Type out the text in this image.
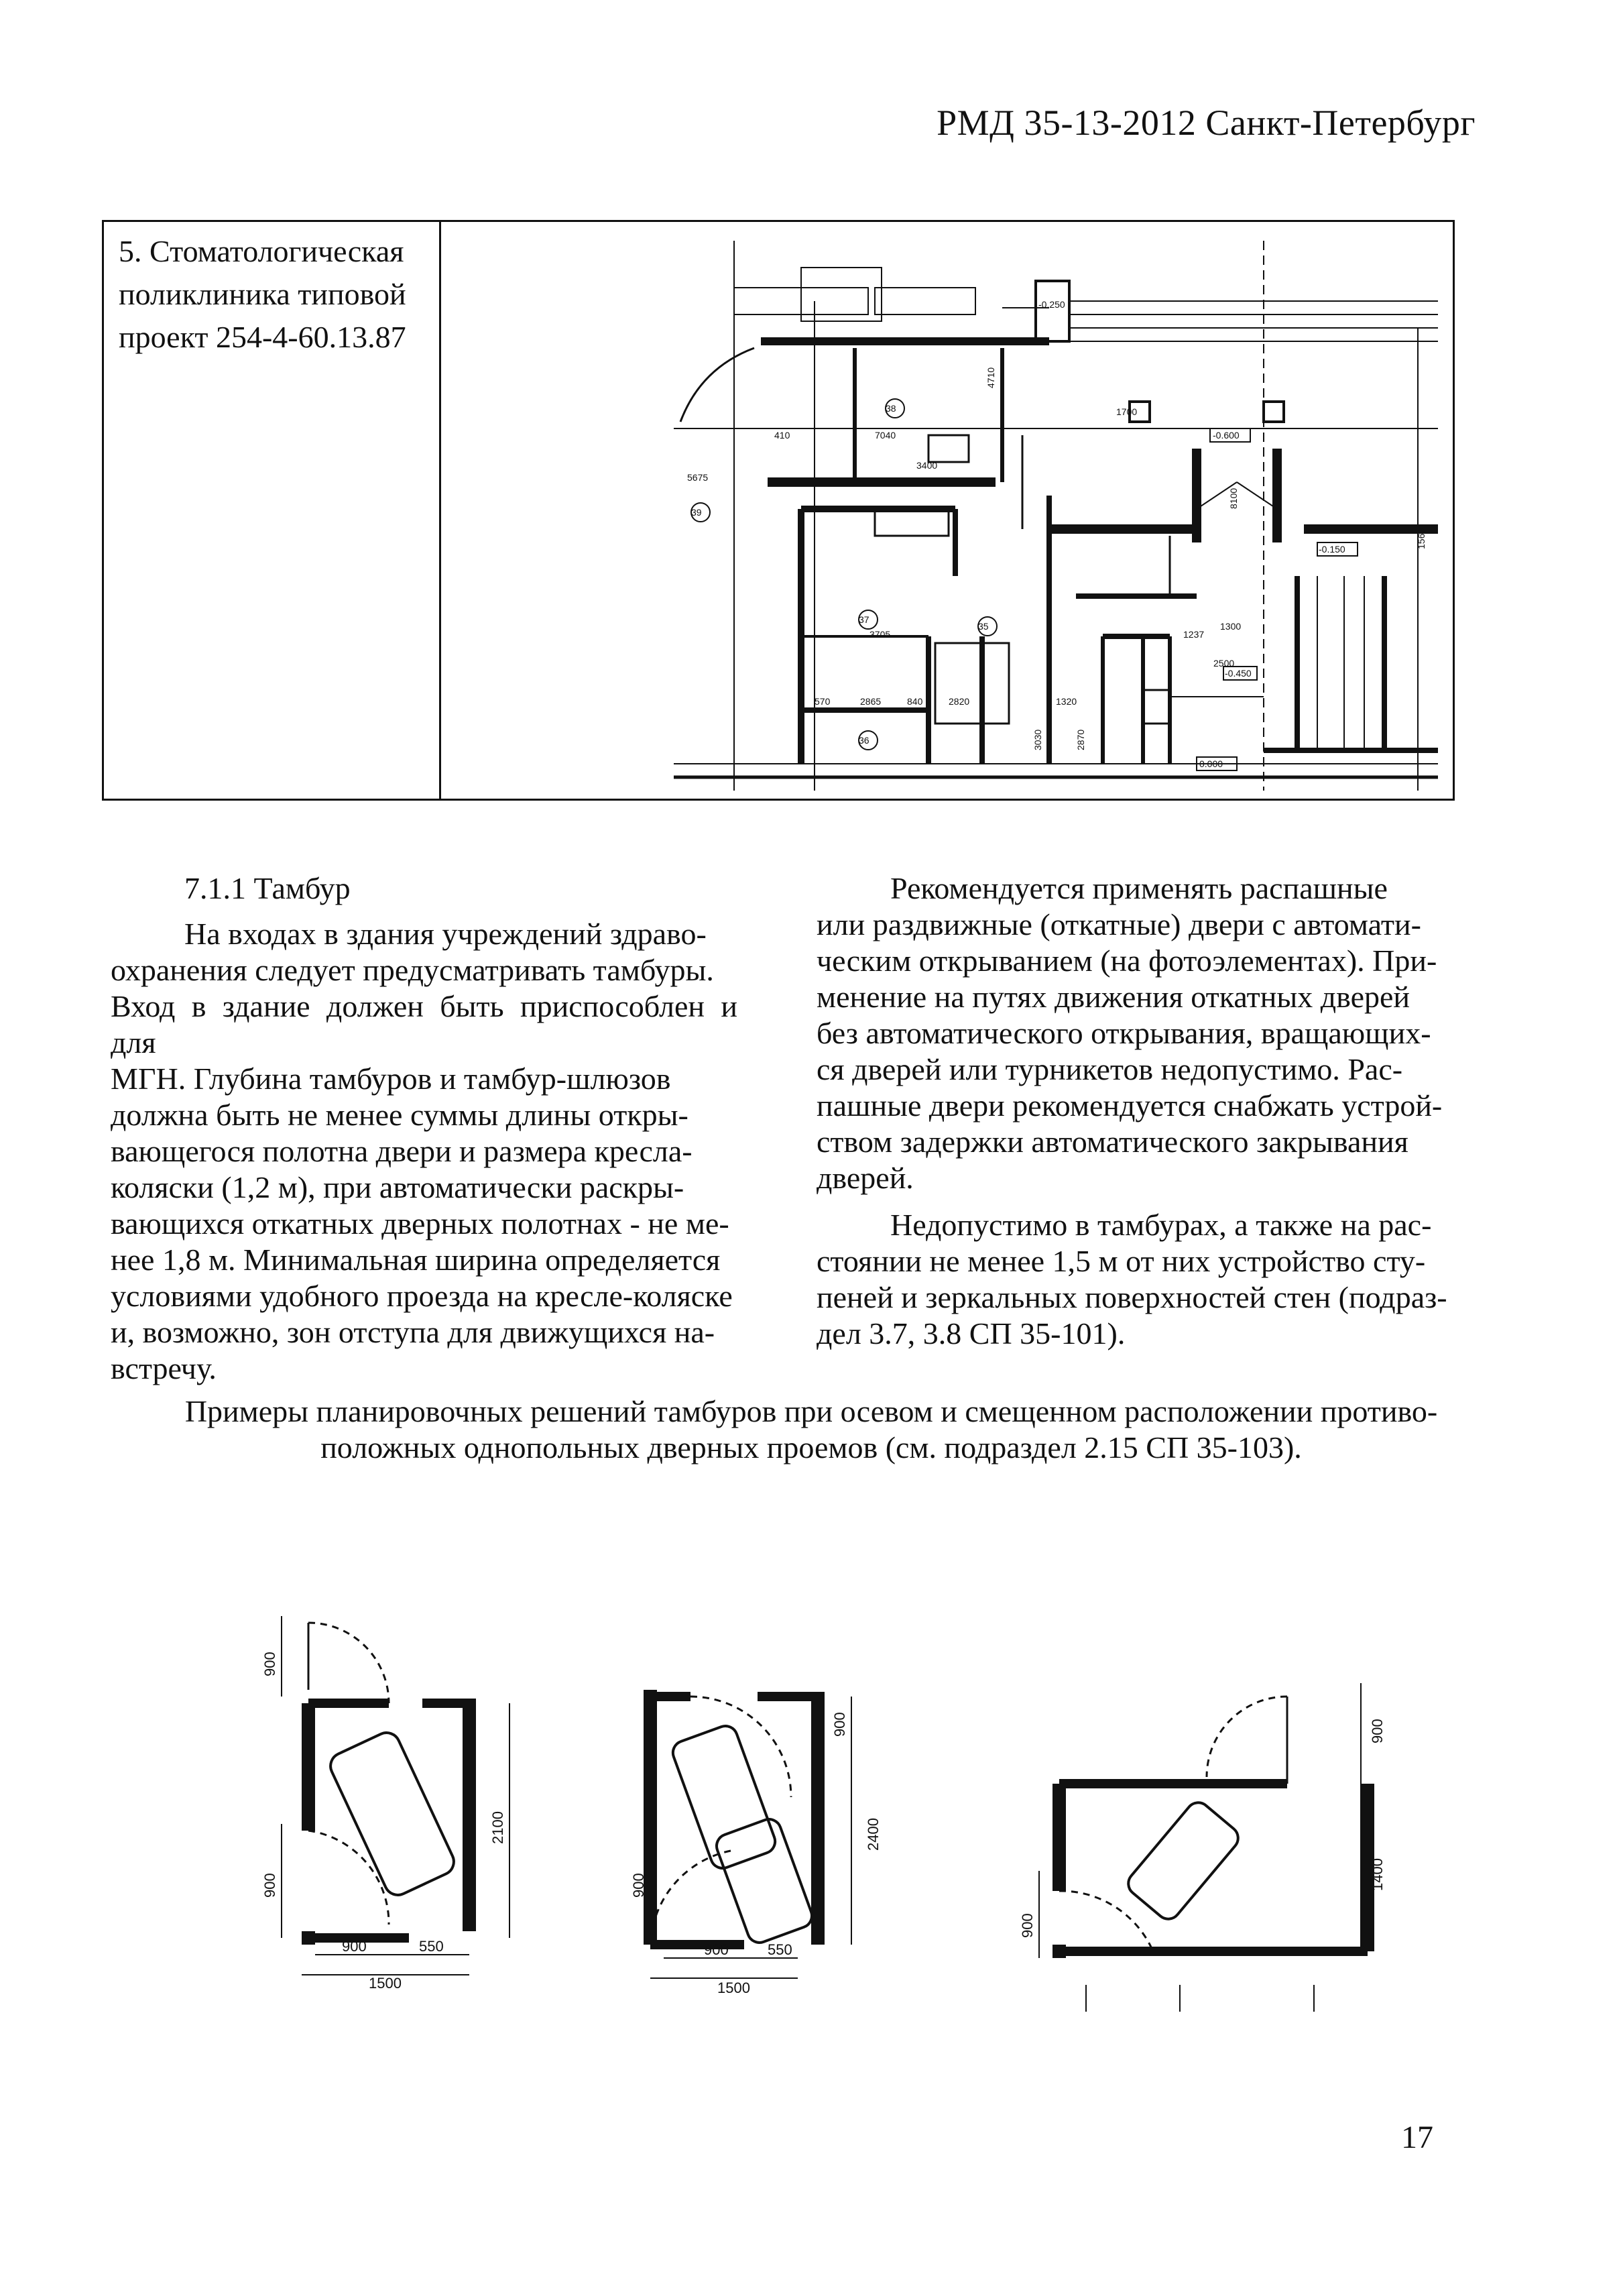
РМД 35-13-2012 Санкт-Петербург
5. Стоматологическая
поликлиника типовой
проект 254-4-60.13.87
38
39
37
35
36
3400
7040
410
5675
3705
570	2865	840	2820	1320
2500
1237
1300
1700
-0.600
-0.450
-0.150
0.000
-0.250
4710
2870
3030
8100
1560

7.1.1 Тамбур

На входах в здания учреждений здраво-

охранения следует предусматривать тамбуры.

Вход в здание должен быть приспособлен и для

МГН. Глубина тамбуров и тамбур-шлюзов

должна быть не менее суммы длины откры-

вающегося полотна двери и размера кресла-

коляски (1,2 м), при автоматически раскры-

вающихся откатных дверных полотнах - не ме-

нее 1,8 м. Минимальная ширина определяется

условиями удобного проезда на кресле-коляске

и, возможно, зон отступа для движущихся на-

встречу.

Рекомендуется применять распашные

или раздвижные (откатные) двери с автомати-

ческим открыванием (на фотоэлементах). При-

менение на путях движения откатных дверей

без автоматического открывания, вращающих-

ся дверей или турникетов недопустимо. Рас-

пашные двери рекомендуется снабжать устрой-

ством задержки автоматического закрывания

дверей.

Недопустимо в тамбурах, а также на рас-

стоянии не менее 1,5 м от них устройство сту-

пеней и зеркальных поверхностей стен (подраз-

дел 3.7, 3.8 СП 35-101).

Примеры планировочных решений тамбуров при осевом и смещенном расположении противо-
положных однопольных дверных проемов (см. подраздел 2.15 СП 35-103).
900
2100
900
900	550
1500
900
2400
900
900	550
1500
900
1400
900
17
